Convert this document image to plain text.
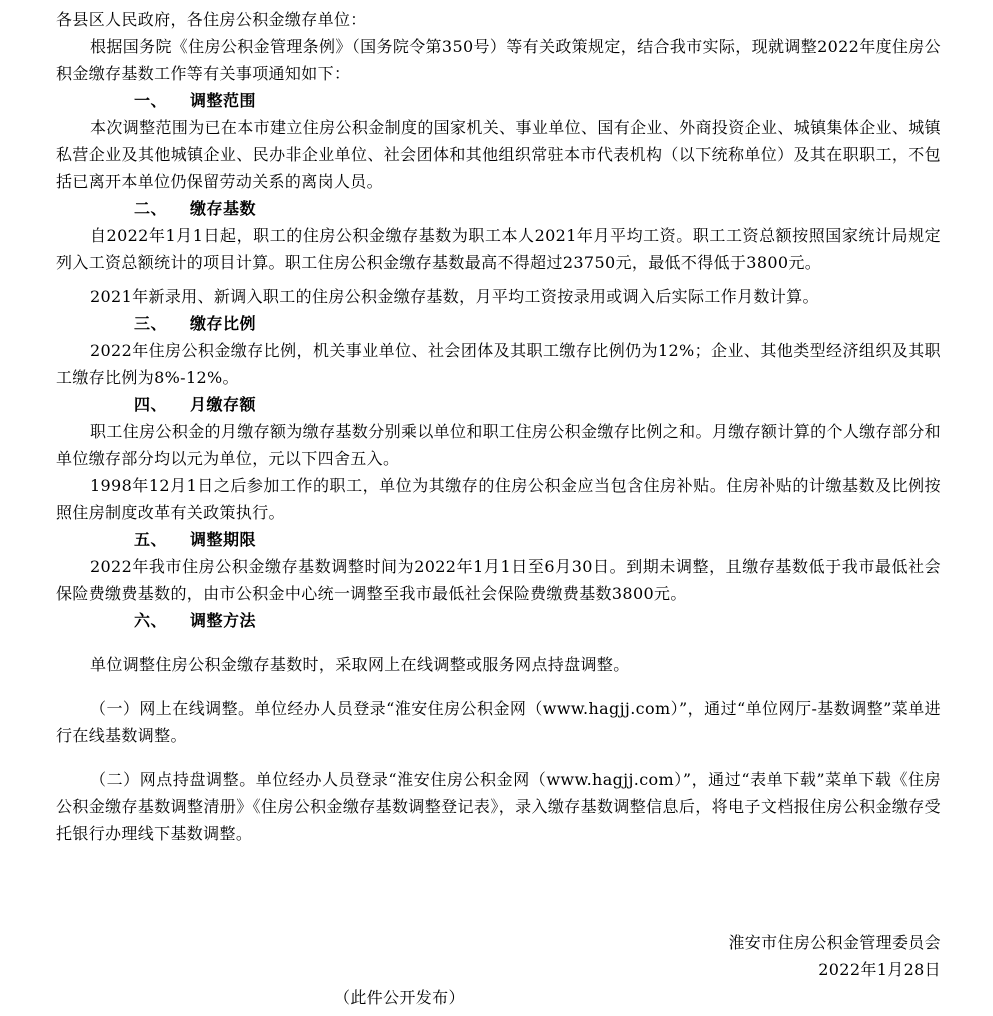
各县区人民政府，各住房公积金缴存单位：

根据国务院《住房公积金管理条例》（国务院令第350号）等有关政策规定，结合我市实际，现就调整2022年度住房公积金缴存基数工作等有关事项通知如下：

一、 调整范围

本次调整范围为已在本市建立住房公积金制度的国家机关、事业单位、国有企业、外商投资企业、城镇集体企业、城镇私营企业及其他城镇企业、民办非企业单位、社会团体和其他组织常驻本市代表机构（以下统称单位）及其在职职工，不包括已离开本单位仍保留劳动关系的离岗人员。

二、 缴存基数

自2022年1月1日起，职工的住房公积金缴存基数为职工本人2021年月平均工资。职工工资总额按照国家统计局规定列入工资总额统计的项目计算。职工住房公积金缴存基数最高不得超过23750元，最低不得低于3800元。

2021年新录用、新调入职工的住房公积金缴存基数，月平均工资按录用或调入后实际工作月数计算。

三、 缴存比例

2022年住房公积金缴存比例，机关事业单位、社会团体及其职工缴存比例仍为12%；企业、其他类型经济组织及其职工缴存比例为8%-12%。

四、 月缴存额

职工住房公积金的月缴存额为缴存基数分别乘以单位和职工住房公积金缴存比例之和。月缴存额计算的个人缴存部分和单位缴存部分均以元为单位，元以下四舍五入。

1998年12月1日之后参加工作的职工，单位为其缴存的住房公积金应当包含住房补贴。住房补贴的计缴基数及比例按照住房制度改革有关政策执行。

五、 调整期限

2022年我市住房公积金缴存基数调整时间为2022年1月1日至6月30日。到期未调整，且缴存基数低于我市最低社会保险费缴费基数的，由市公积金中心统一调整至我市最低社会保险费缴费基数3800元。

六、 调整方法

单位调整住房公积金缴存基数时，采取网上在线调整或服务网点持盘调整。

（一）网上在线调整。单位经办人员登录“淮安住房公积金网（www.hagjj.com）”，通过“单位网厅-基数调整”菜单进行在线基数调整。

（二）网点持盘调整。单位经办人员登录“淮安住房公积金网（www.hagjj.com）”，通过“表单下载”菜单下载《住房公积金缴存基数调整清册》《住房公积金缴存基数调整登记表》，录入缴存基数调整信息后，将电子文档报住房公积金缴存受托银行办理线下基数调整。

淮安市住房公积金管理委员会
2022年1月28日
（此件公开发布）
